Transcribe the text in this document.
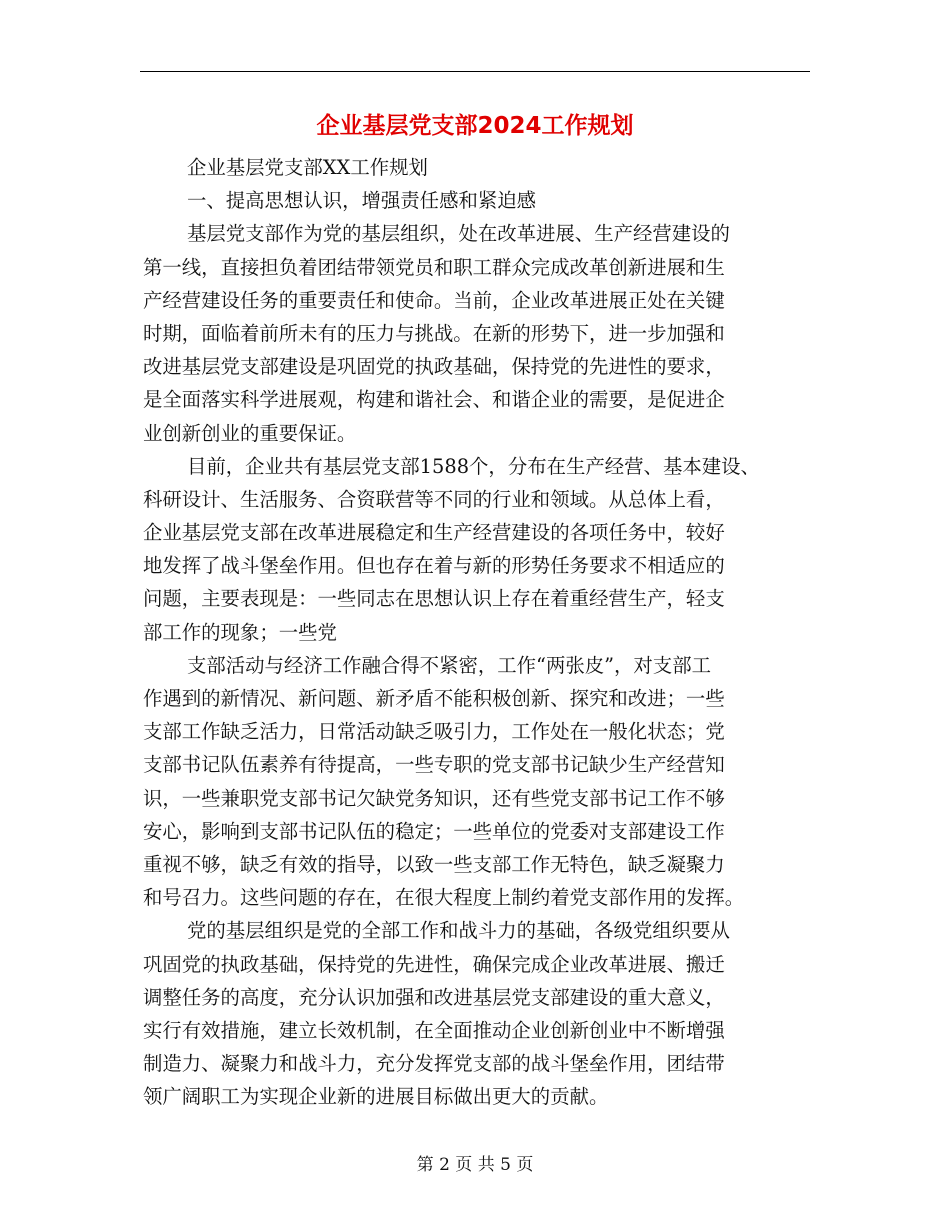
企业基层党支部2024工作规划
企业基层党支部XX工作规划
一、提高思想认识，增强责任感和紧迫感
基层党支部作为党的基层组织，处在改革进展、生产经营建设的
第一线，直接担负着团结带领党员和职工群众完成改革创新进展和生
产经营建设任务的重要责任和使命。当前，企业改革进展正处在关键
时期，面临着前所未有的压力与挑战。在新的形势下，进一步加强和
改进基层党支部建设是巩固党的执政基础，保持党的先进性的要求，
是全面落实科学进展观，构建和谐社会、和谐企业的需要，是促进企
业创新创业的重要保证。
目前，企业共有基层党支部1588个，分布在生产经营、基本建设、
科研设计、生活服务、合资联营等不同的行业和领域。从总体上看，
企业基层党支部在改革进展稳定和生产经营建设的各项任务中，较好
地发挥了战斗堡垒作用。但也存在着与新的形势任务要求不相适应的
问题，主要表现是：一些同志在思想认识上存在着重经营生产，轻支
部工作的现象；一些党
支部活动与经济工作融合得不紧密，工作“两张皮”，对支部工
作遇到的新情况、新问题、新矛盾不能积极创新、探究和改进；一些
支部工作缺乏活力，日常活动缺乏吸引力，工作处在一般化状态；党
支部书记队伍素养有待提高，一些专职的党支部书记缺少生产经营知
识，一些兼职党支部书记欠缺党务知识，还有些党支部书记工作不够
安心，影响到支部书记队伍的稳定；一些单位的党委对支部建设工作
重视不够，缺乏有效的指导，以致一些支部工作无特色，缺乏凝聚力
和号召力。这些问题的存在，在很大程度上制约着党支部作用的发挥。
党的基层组织是党的全部工作和战斗力的基础，各级党组织要从
巩固党的执政基础，保持党的先进性，确保完成企业改革进展、搬迁
调整任务的高度，充分认识加强和改进基层党支部建设的重大意义，
实行有效措施，建立长效机制，在全面推动企业创新创业中不断增强
制造力、凝聚力和战斗力，充分发挥党支部的战斗堡垒作用，团结带
领广阔职工为实现企业新的进展目标做出更大的贡献。
第 2 页 共 5 页
